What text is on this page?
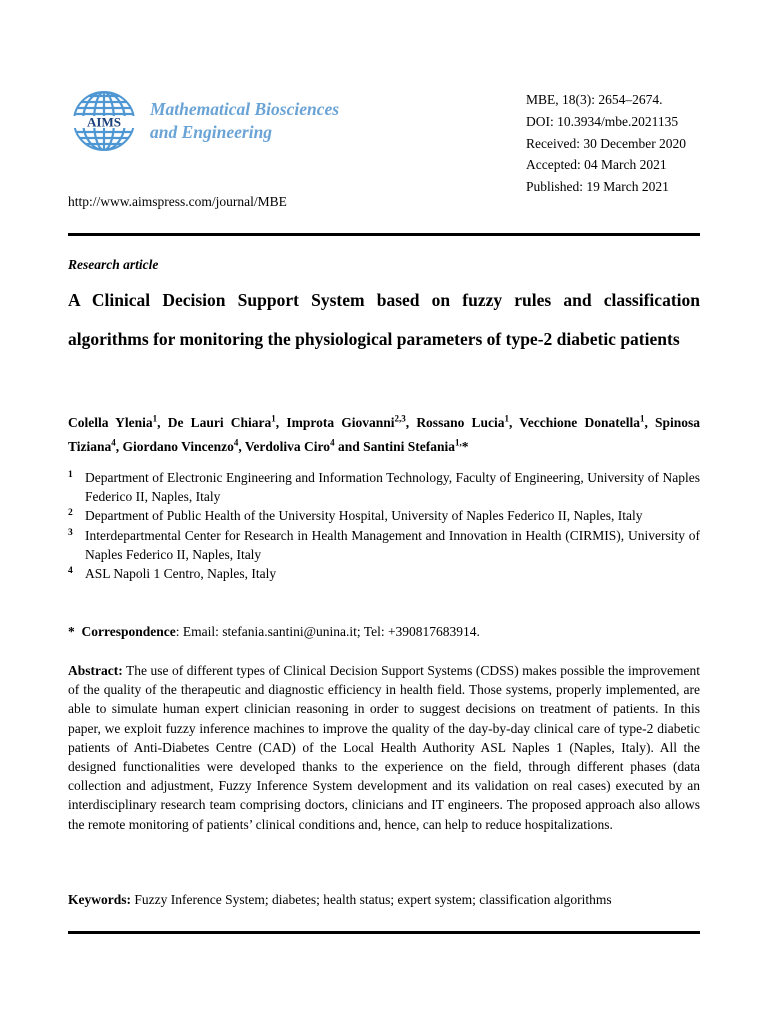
AIMS
Mathematical Biosciences
and Engineering
MBE, 18(3): 2654–2674.
DOI: 10.3934/mbe.2021135
Received: 30 December 2020
Accepted: 04 March 2021
Published: 19 March 2021
http://www.aimspress.com/journal/MBE
Research article
A Clinical Decision Support System based on fuzzy rules and classification algorithms for monitoring the physiological parameters of type-2 diabetic patients
Colella Ylenia$^1$, De Lauri Chiara$^1$, Improta Giovanni$^{2,3}$, Rossano Lucia$^1$, Vecchione Donatella$^1$, Spinosa Tiziana$^4$, Giordano Vincenzo$^4$, Verdoliva Ciro$^4$ and Santini Stefania$^{1,}$*
1 Department of Electronic Engineering and Information Technology, Faculty of Engineering, University of Naples Federico II, Naples, Italy
2 Department of Public Health of the University Hospital, University of Naples Federico II, Naples, Italy
3 Interdepartmental Center for Research in Health Management and Innovation in Health (CIRMIS), University of Naples Federico II, Naples, Italy
4 ASL Napoli 1 Centro, Naples, Italy
* Correspondence: Email: stefania.santini@unina.it; Tel: +390817683914.
Abstract: The use of different types of Clinical Decision Support Systems (CDSS) makes possible the improvement of the quality of the therapeutic and diagnostic efficiency in health field. Those systems, properly implemented, are able to simulate human expert clinician reasoning in order to suggest decisions on treatment of patients. In this paper, we exploit fuzzy inference machines to improve the quality of the day-by-day clinical care of type-2 diabetic patients of Anti-Diabetes Centre (CAD) of the Local Health Authority ASL Naples 1 (Naples, Italy). All the designed functionalities were developed thanks to the experience on the field, through different phases (data collection and adjustment, Fuzzy Inference System development and its validation on real cases) executed by an interdisciplinary research team comprising doctors, clinicians and IT engineers. The proposed approach also allows the remote monitoring of patients’ clinical conditions and, hence, can help to reduce hospitalizations.
Keywords: Fuzzy Inference System; diabetes; health status; expert system; classification algorithms
